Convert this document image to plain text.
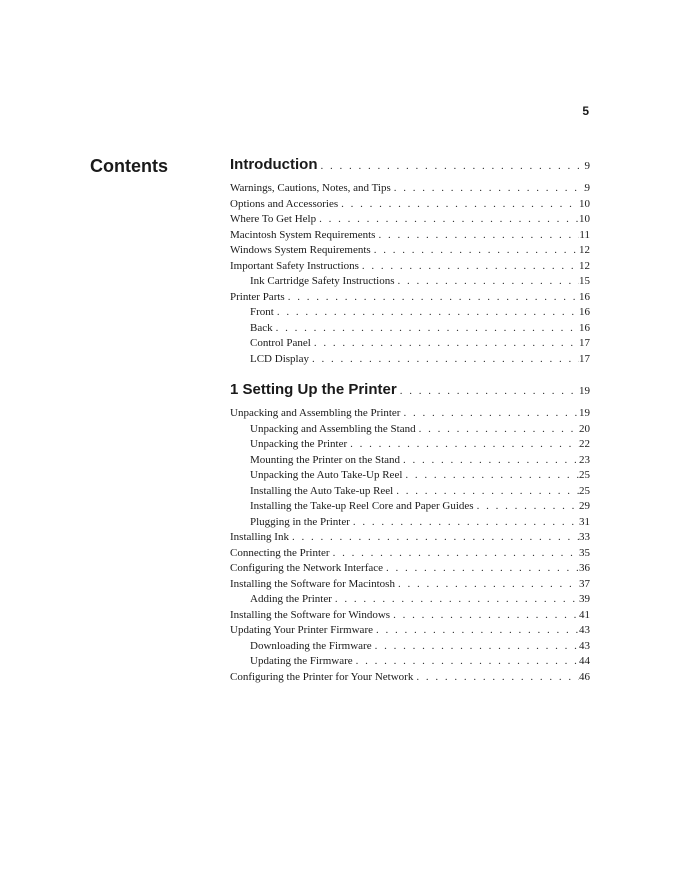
5
Contents	Introduction . . .	9
Warnings, Cautions, Notes, and Tips . . .	9
Options and Accessories . . .	10
Where To Get Help . . .	10
Macintosh System Requirements . . .	11
Windows System Requirements . . .	12
Important Safety Instructions . . .	12
Ink Cartridge Safety Instructions . . .	15
Printer Parts . . .	16
Front . . .	16
Back . . .	16
Control Panel . . .	17
LCD Display . . .	17
1 Setting Up the Printer . . .	19
Unpacking and Assembling the Printer . . .	19
Unpacking and Assembling the Stand . . .	20
Unpacking the Printer . . .	22
Mounting the Printer on the Stand . . .	23
Unpacking the Auto Take-Up Reel . . .	25
Installing the Auto Take-up Reel . . .	25
Installing the Take-up Reel Core and Paper Guides . . .	29
Plugging in the Printer . . .	31
Installing Ink . . .	33
Connecting the Printer . . .	35
Configuring the Network Interface . . .	36
Installing the Software for Macintosh . . .	37
Adding the Printer . . .	39
Installing the Software for Windows . . .	41
Updating Your Printer Firmware . . .	43
Downloading the Firmware . . .	43
Updating the Firmware . . .	44
Configuring the Printer for Your Network . . .	46
